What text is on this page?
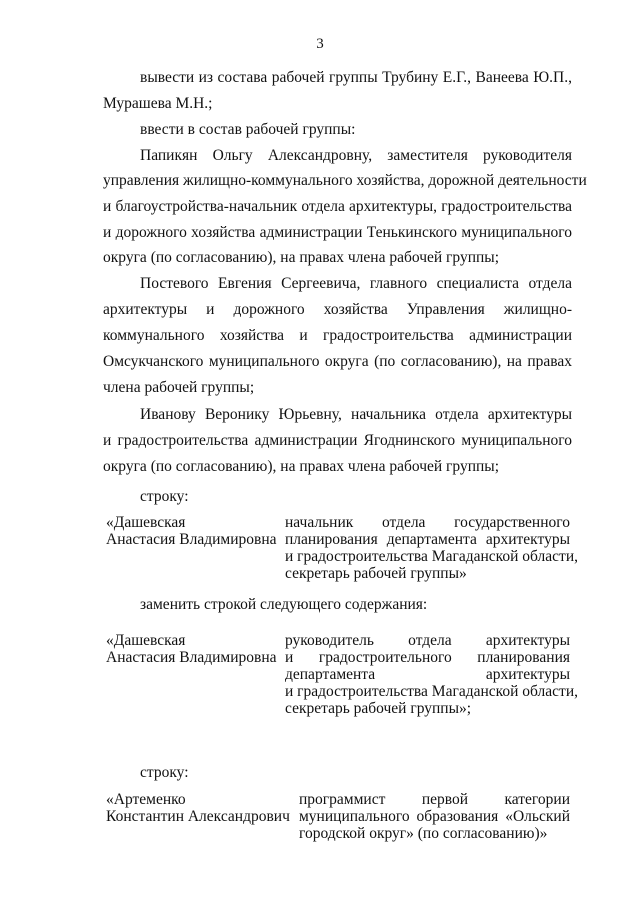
3
вывести из состава рабочей группы Трубину Е.Г., Ванеева Ю.П.,
Мурашева М.Н.;
ввести в состав рабочей группы:
Папикян Ольгу Александровну, заместителя руководителя
управления жилищно-коммунального хозяйства, дорожной деятельности
и благоустройства-начальник отдела архитектуры, градостроительства
и дорожного хозяйства администрации Тенькинского муниципального
округа (по согласованию), на правах члена рабочей группы;
Постевого Евгения Сергеевича, главного специалиста отдела
архитектуры и дорожного хозяйства Управления жилищно-
коммунального хозяйства и градостроительства администрации
Омсукчанского муниципального округа (по согласованию), на правах
члена рабочей группы;
Иванову Веронику Юрьевну, начальника отдела архитектуры
и градостроительства администрации Ягоднинского муниципального
округа (по согласованию), на правах члена рабочей группы;
строку:
«Дашевская
Анастасия Владимировна
начальник отдела государственного
планирования департамента архитектуры
и градостроительства Магаданской области,
секретарь рабочей группы»
заменить строкой следующего содержания:
«Дашевская
Анастасия Владимировна
руководитель отдела архитектуры
и градостроительного планирования
департамента архитектуры
и градостроительства Магаданской области,
секретарь рабочей группы»;
строку:
«Артеменко
Константин Александрович
программист первой категории
муниципального образования «Ольский
городской округ» (по согласованию)»
